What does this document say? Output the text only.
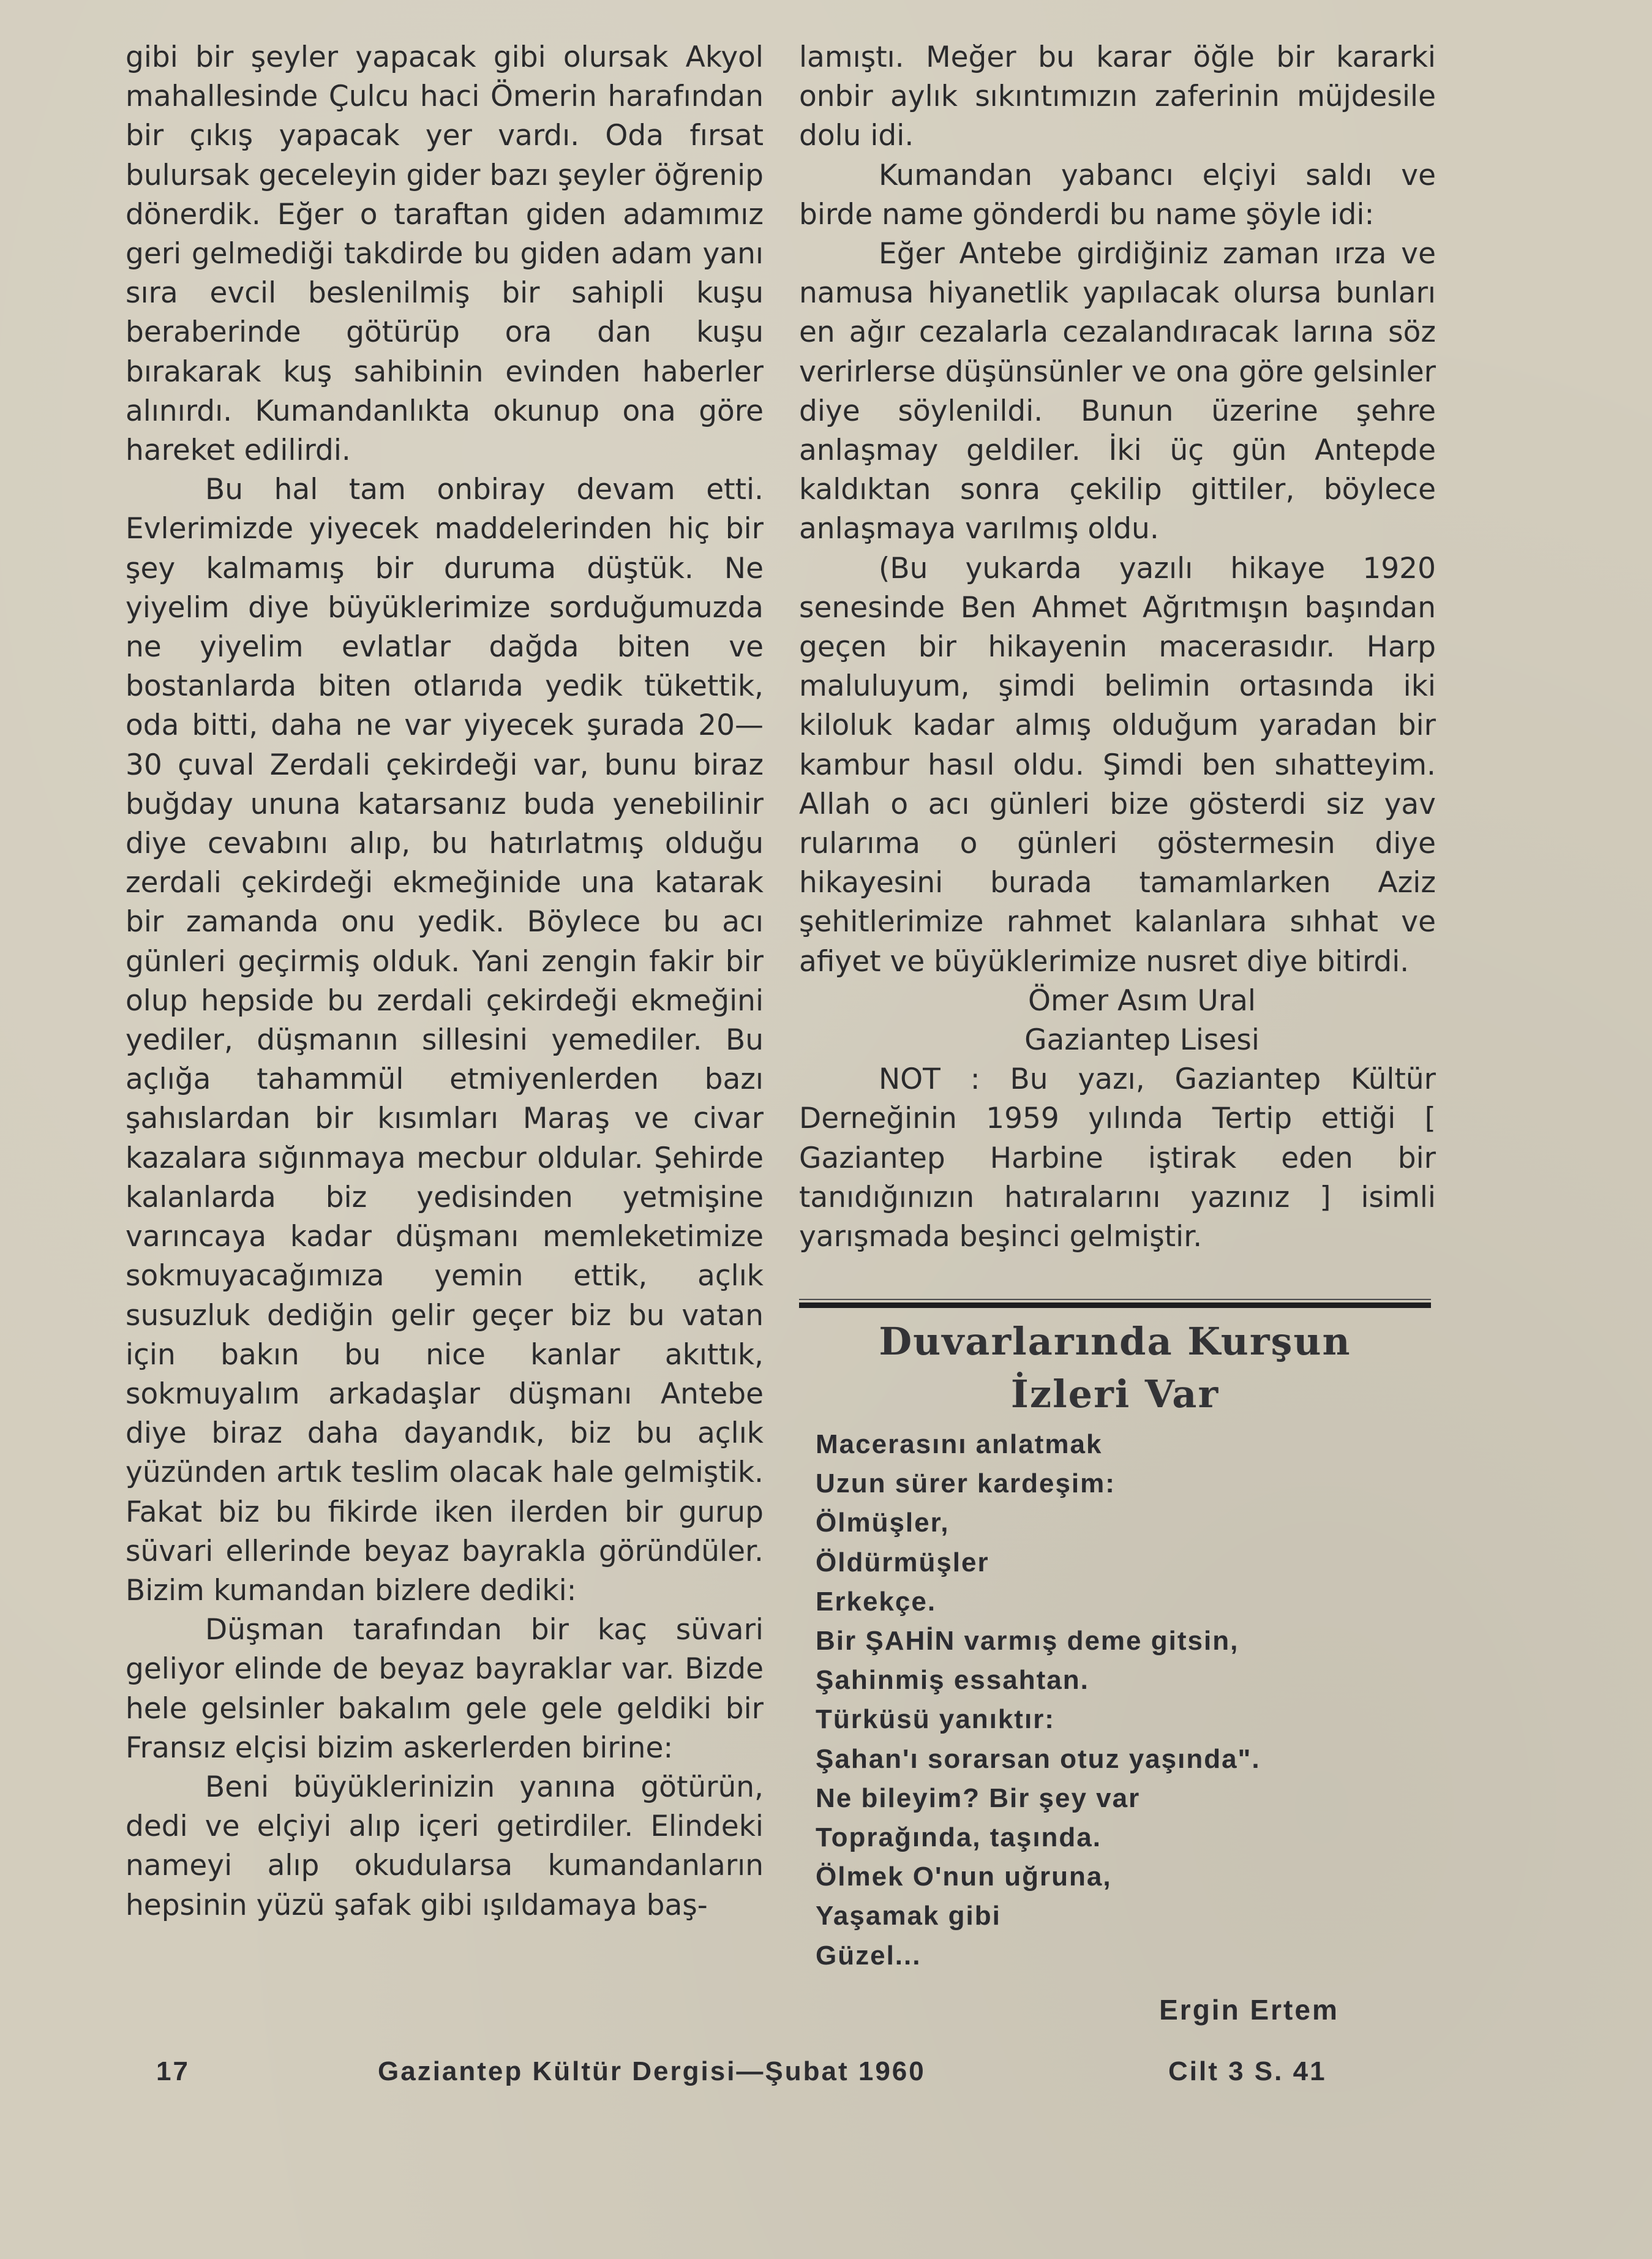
gibi bir şeyler yapacak gibi olursak Akyol mahallesinde Çulcu haci Ömerin harafından bir çıkış yapacak yer vardı. Oda fırsat bulursak geceleyin gider bazı şeyler öğrenip dönerdik. Eğer o taraftan giden adamımız geri gelmediği takdirde bu giden adam yanı sıra evcil beslenilmiş bir sahipli kuşu beraberinde götürüp ora dan kuşu bırakarak kuş sahibinin evinden haberler alınırdı. Kumandanlıkta okunup ona göre hareket edilirdi.

Bu hal tam onbiray devam etti. Evlerimizde yiyecek maddelerinden hiç bir şey kalmamış bir duruma düştük. Ne yiyelim diye büyüklerimize sorduğumuzda ne yiyelim evlatlar dağda biten ve bostanlarda biten otlarıda yedik tükettik, oda bitti, daha ne var yiyecek şurada 20—30 çuval Zerdali çekirdeği var, bunu biraz buğday ununa katarsanız buda yenebilinir diye cevabını alıp, bu hatırlatmış olduğu zerdali çekirdeği ekmeğinide una katarak bir zamanda onu yedik. Böylece bu acı günleri geçirmiş olduk. Yani zengin fakir bir olup hepside bu zerdali çekirdeği ekmeğini yediler, düşmanın sillesini yemediler. Bu açlığa tahammül etmiyenlerden bazı şahıslardan bir kısımları Maraş ve civar kazalara sığınmaya mecbur oldular. Şehirde kalanlarda biz yedisinden yetmişine varıncaya kadar düşmanı memleketimize sokmuyacağımıza yemin ettik, açlık susuzluk dediğin gelir geçer biz bu vatan için bakın bu nice kanlar akıttık, sokmuyalım arkadaşlar düşmanı Antebe diye biraz daha dayandık, biz bu açlık yüzünden artık teslim olacak hale gelmiştik. Fakat biz bu fikirde iken ilerden bir gurup süvari ellerinde beyaz bayrakla göründüler. Bizim kumandan bizlere dediki:

Düşman tarafından bir kaç süvari geliyor elinde de beyaz bayraklar var. Bizde hele gelsinler bakalım gele gele geldiki bir Fransız elçisi bizim askerlerden birine:

Beni büyüklerinizin yanına götürün, dedi ve elçiyi alıp içeri getirdiler. Elindeki nameyi alıp okudularsa kumandanların hepsinin yüzü şafak gibi ışıldamaya baş-

lamıştı. Meğer bu karar öğle bir kararki onbir aylık sıkıntımızın zaferinin müjdesile dolu idi.

Kumandan yabancı elçiyi saldı ve birde name gönderdi bu name şöyle idi:

Eğer Antebe girdiğiniz zaman ırza ve namusa hiyanetlik yapılacak olursa bunları en ağır cezalarla cezalandıracak larına söz verirlerse düşünsünler ve ona göre gelsinler diye söylenildi. Bunun üzerine şehre anlaşmay geldiler. İki üç gün Antepde kaldıktan sonra çekilip gittiler, böylece anlaşmaya varılmış oldu.

(Bu yukarda yazılı hikaye 1920 senesinde Ben Ahmet Ağrıtmışın başından geçen bir hikayenin macerasıdır. Harp maluluyum, şimdi belimin ortasında iki kiloluk kadar almış olduğum yaradan bir kambur hasıl oldu. Şimdi ben sıhatteyim. Allah o acı günleri bize gösterdi siz yav rularıma o günleri göstermesin diye hikayesini burada tamamlarken Aziz şehitlerimize rahmet kalanlara sıhhat ve afiyet ve büyüklerimize nusret diye bitirdi.

Ömer Asım Ural
Gaziantep Lisesi

NOT : Bu yazı, Gaziantep Kültür Derneğinin 1959 yılında Tertip ettiği [ Gaziantep Harbine iştirak eden bir tanıdığınızın hatıralarını yazınız ] isimli yarışmada beşinci gelmiştir.

Duvarlarında Kurşun
İzleri Var
Macerasını anlatmak
Uzun sürer kardeşim:
Ölmüşler,
Öldürmüşler
Erkekçe.
Bir ŞAHİN varmış deme gitsin,
Şahinmiş essahtan.
Türküsü yanıktır:
Şahan'ı sorarsan otuz yaşında".
Ne bileyim? Bir şey var
Toprağında, taşında.
Ölmek O'nun uğruna,
Yaşamak gibi
Güzel...
Ergin Ertem
17	Gaziantep Kültür Dergisi—Şubat 1960	Cilt 3 S. 41
